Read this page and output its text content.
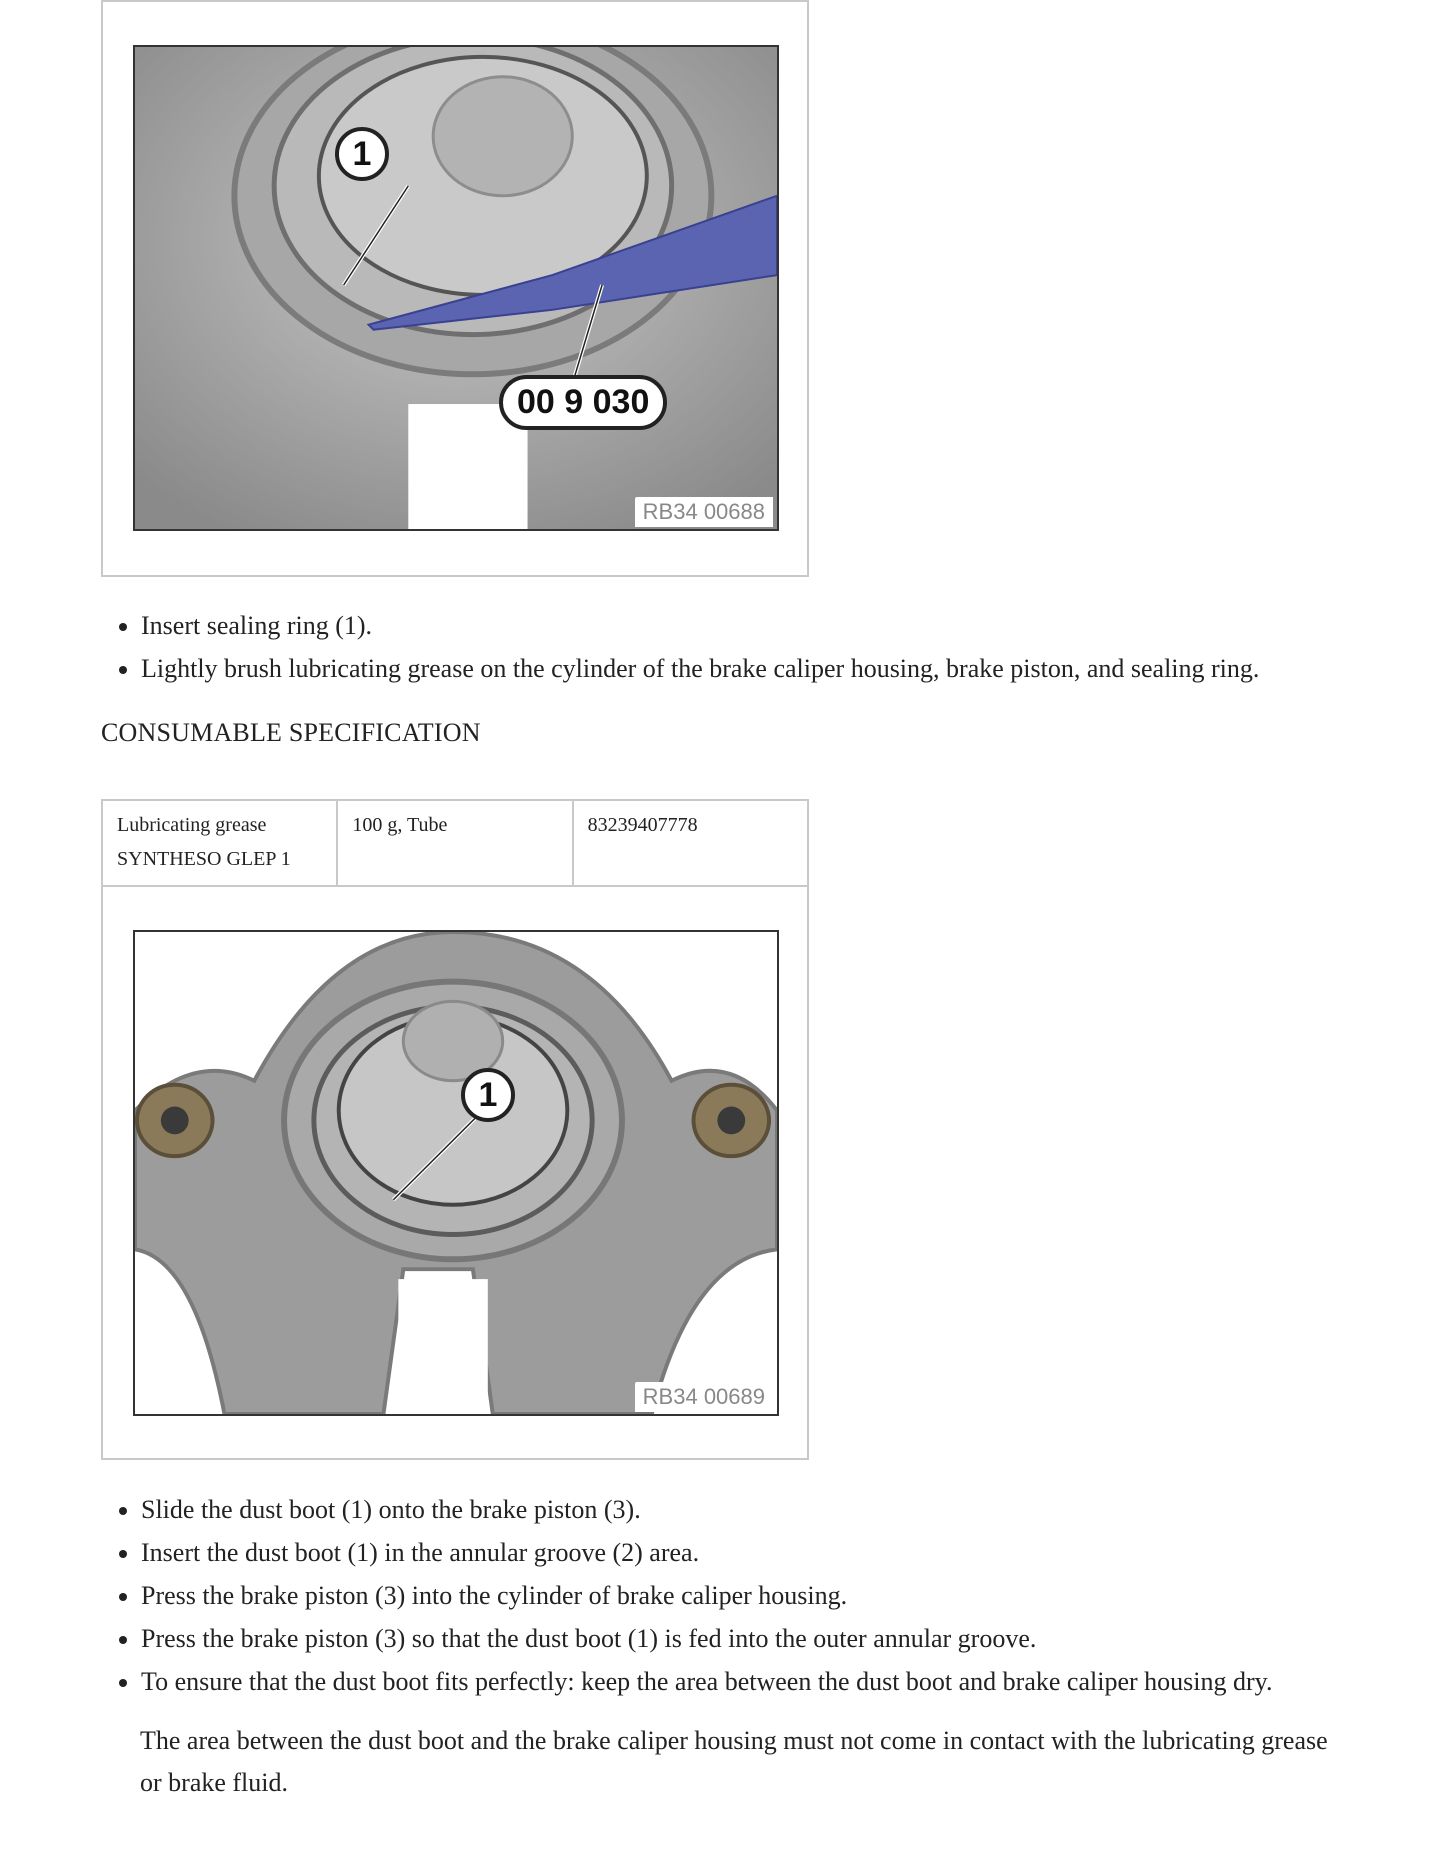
1
00 9 030
RB34 00688
• Insert sealing ring (1).
• Lightly brush lubricating grease on the cylinder of the brake caliper housing, brake piston, and sealing ring.
CONSUMABLE SPECIFICATION
Lubricating grease
SYNTHESO GLEP 1
	100 g, Tube	83239407778
1
RB34 00689
• Slide the dust boot (1) onto the brake piston (3).
• Insert the dust boot (1) in the annular groove (2) area.
• Press the brake piston (3) into the cylinder of brake caliper housing.
• Press the brake piston (3) so that the dust boot (1) is fed into the outer annular groove.
• To ensure that the dust boot fits perfectly: keep the area between the dust boot and brake caliper housing dry.
The area between the dust boot and the brake caliper housing must not come in contact with the lubricating grease or brake fluid.
